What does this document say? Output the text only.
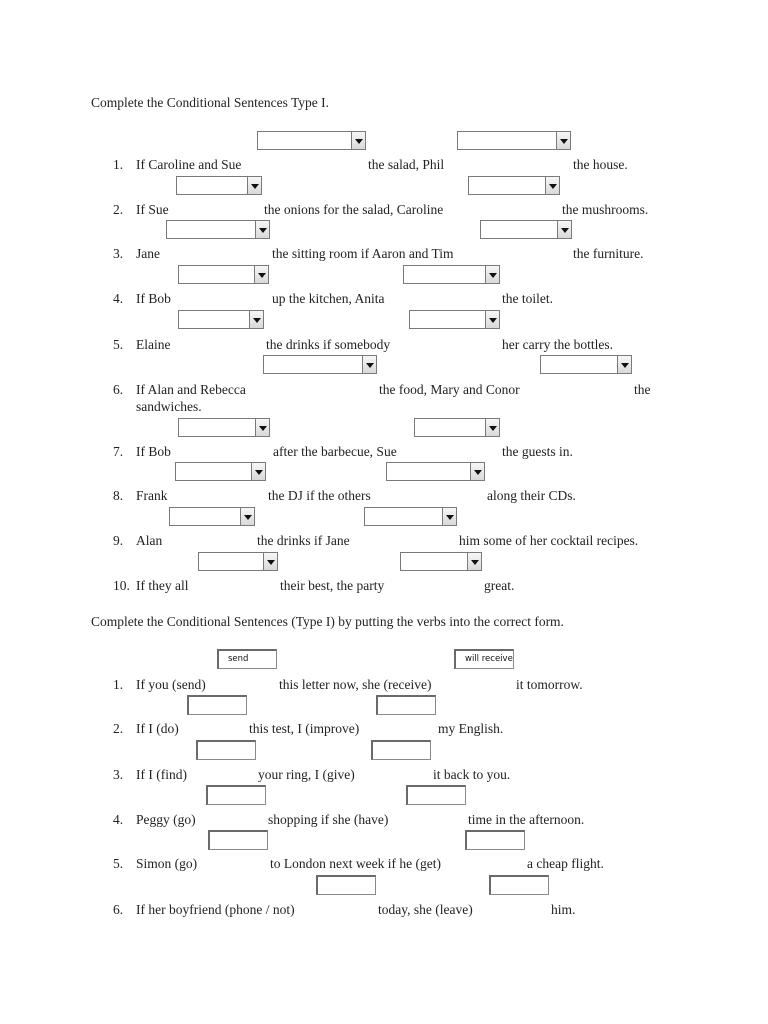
Complete the Conditional Sentences Type I.
1. If Caroline and Sue	the salad, Phil	the house.
2. If Sue	the onions for the salad, Caroline	the mushrooms.
3. Jane	the sitting room if Aaron and Tim	the furniture.
4. If Bob	up the kitchen, Anita	the toilet.
5. Elaine	the drinks if somebody	her carry the bottles.
6. If Alan and Rebecca	the food, Mary and Conor	the
sandwiches.
7. If Bob	after the barbecue, Sue	the guests in.
8. Frank	the DJ if the others	along their CDs.
9. Alan	the drinks if Jane	him some of her cocktail recipes.
10. If they all	their best, the party	great.
Complete the Conditional Sentences (Type I) by putting the verbs into the correct form.
send	will receive
1. If you (send)	this letter now, she (receive)	it tomorrow.
2. If I (do)	this test, I (improve)	my English.
3. If I (find)	your ring, I (give)	it back to you.
4. Peggy (go)	shopping if she (have)	time in the afternoon.
5. Simon (go)	to London next week if he (get)	a cheap flight.
6. If her boyfriend (phone / not)	today, she (leave)	him.
